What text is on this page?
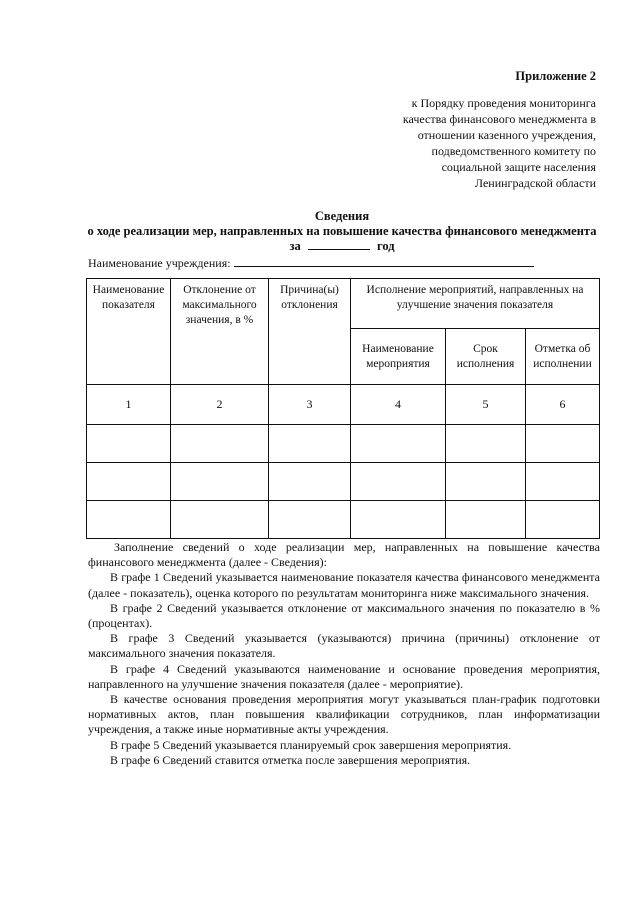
Приложение 2
к Порядку проведения мониторинга
качества финансового менеджмента в
отношении казенного учреждения,
подведомственного комитету по
социальной защите населения
Ленинградской области
Сведения
о ходе реализации мер, направленных на повышение качества финансового менеджмента
за	год
Наименование учреждения:
Наименование показателя	Отклонение от максимального значения, в %	Причина(ы) отклонения	Исполнение мероприятий, направленных на улучшение значения показателя		
			Наименование мероприятия	Срок исполнения	Отметка об исполнении
1	2	3	4	5	6

Заполнение сведений о ходе реализации мер, направленных на повышение качества финансового менеджмента (далее - Сведения):

В графе 1 Сведений указывается наименование показателя качества финансового менеджмента (далее - показатель), оценка которого по результатам мониторинга ниже максимального значения.

В графе 2 Сведений указывается отклонение от максимального значения по показателю в % (процентах).

В графе 3 Сведений указывается (указываются) причина (причины) отклонение от максимального значения показателя.

В графе 4 Сведений указываются наименование и основание проведения мероприятия, направленного на улучшение значения показателя (далее - мероприятие).

В качестве основания проведения мероприятия могут указываться план-график подготовки нормативных актов, план повышения квалификации сотрудников, план информатизации учреждения, а также иные нормативные акты учреждения.

В графе 5 Сведений указывается планируемый срок завершения мероприятия.

В графе 6 Сведений ставится отметка после завершения мероприятия.
